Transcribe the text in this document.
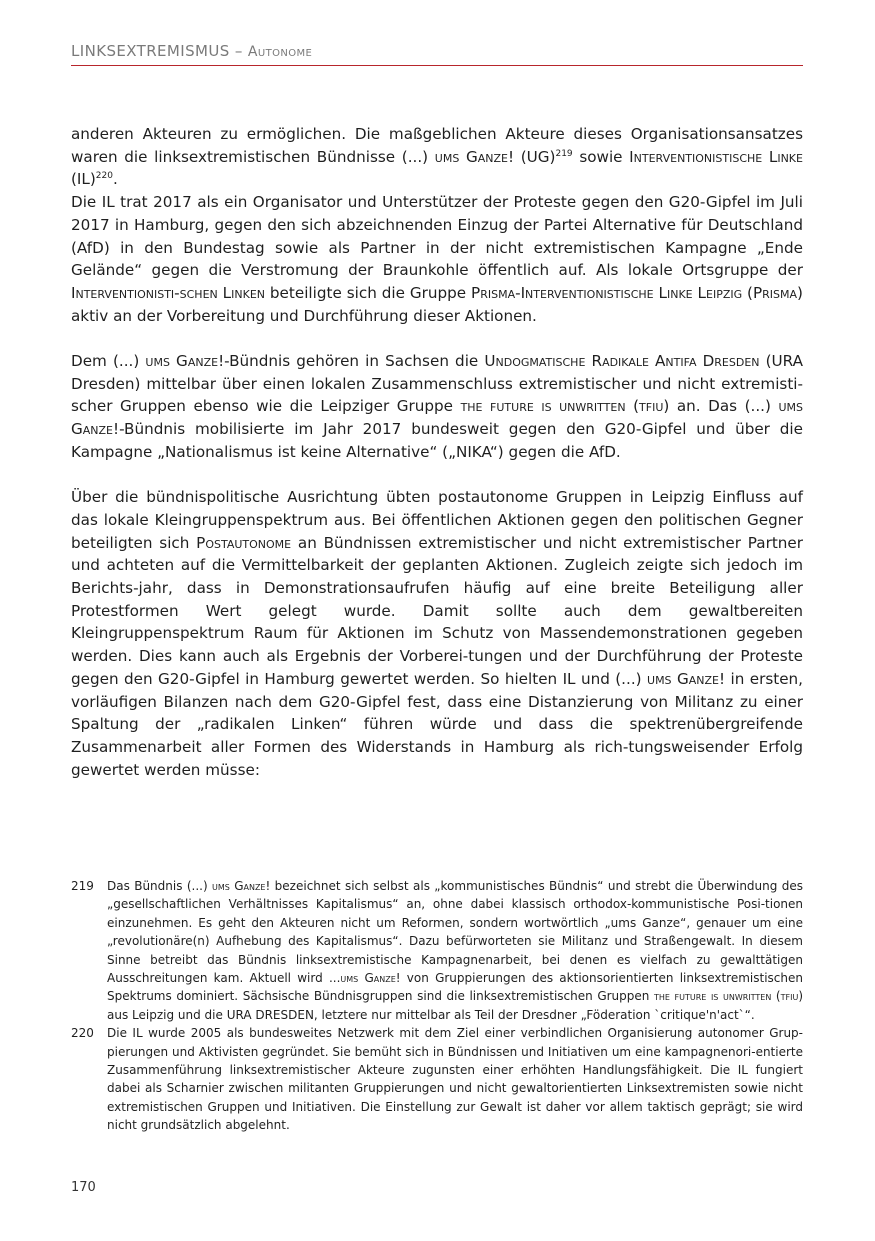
LINKSEXTREMISMUS – Autonome

anderen Akteuren zu ermöglichen. Die maßgeblichen Akteure dieses Organisationsansatzes waren die linksextremistischen Bündnisse (...) ums Ganze! (UG)$^{219}$ sowie Interventionistische Linke (IL)$^{220}$.
Die IL trat 2017 als ein Organisator und Unterstützer der Proteste gegen den G20-Gipfel im Juli 2017 in Hamburg, gegen den sich abzeichnenden Einzug der Partei Alternative für Deutschland (AfD) in den Bundestag sowie als Partner in der nicht extremistischen Kampagne „Ende Gelände“ gegen die Verstromung der Braunkohle öffentlich auf. Als lokale Ortsgruppe der Interventionisti-schen Linken beteiligte sich die Gruppe Prisma-Interventionistische Linke Leipzig (Prisma) aktiv an der Vorbereitung und Durchführung dieser Aktionen.

Dem (...) ums Ganze!-Bündnis gehören in Sachsen die Undogmatische Radikale Antifa Dresden (URA Dresden) mittelbar über einen lokalen Zusammenschluss extremistischer und nicht extremisti-scher Gruppen ebenso wie die Leipziger Gruppe the future is unwritten (tfiu) an. Das (...) ums Ganze!-Bündnis mobilisierte im Jahr 2017 bundesweit gegen den G20-Gipfel und über die Kampagne „Nationalismus ist keine Alternative“ („NIKA“) gegen die AfD.

Über die bündnispolitische Ausrichtung übten postautonome Gruppen in Leipzig Einfluss auf das lokale Kleingruppenspektrum aus. Bei öffentlichen Aktionen gegen den politischen Gegner beteiligten sich Postautonome an Bündnissen extremistischer und nicht extremistischer Partner und achteten auf die Vermittelbarkeit der geplanten Aktionen. Zugleich zeigte sich jedoch im Berichts-jahr, dass in Demonstrationsaufrufen häufig auf eine breite Beteiligung aller Protestformen Wert gelegt wurde. Damit sollte auch dem gewaltbereiten Kleingruppenspektrum Raum für Aktionen im Schutz von Massendemonstrationen gegeben werden. Dies kann auch als Ergebnis der Vorberei-tungen und der Durchführung der Proteste gegen den G20-Gipfel in Hamburg gewertet werden. So hielten IL und (...) ums Ganze! in ersten, vorläufigen Bilanzen nach dem G20-Gipfel fest, dass eine Distanzierung von Militanz zu einer Spaltung der „radikalen Linken“ führen würde und dass die spektrenübergreifende Zusammenarbeit aller Formen des Widerstands in Hamburg als rich-tungsweisender Erfolg gewertet werden müsse:

219	Das Bündnis (...) ums Ganze! bezeichnet sich selbst als „kommunistisches Bündnis“ und strebt die Überwindung des „gesellschaftlichen Verhältnisses Kapitalismus“ an, ohne dabei klassisch orthodox-kommunistische Posi-tionen einzunehmen. Es geht den Akteuren nicht um Reformen, sondern wortwörtlich „ums Ganze“, genauer um eine „revolutionäre(n) Aufhebung des Kapitalismus“. Dazu befürworteten sie Militanz und Straßengewalt. In diesem Sinne betreibt das Bündnis linksextremistische Kampagnenarbeit, bei denen es vielfach zu gewalttätigen Ausschreitungen kam. Aktuell wird ...ums Ganze! von Gruppierungen des aktionsorientierten linksextremistischen Spektrums dominiert. Sächsische Bündnisgruppen sind die linksextremistischen Gruppen the future is unwritten (tfiu) aus Leipzig und die URA DRESDEN, letztere nur mittelbar als Teil der Dresdner „Föderation `critique'n'act`“.
220	Die IL wurde 2005 als bundesweites Netzwerk mit dem Ziel einer verbindlichen Organisierung autonomer Grup-pierungen und Aktivisten gegründet. Sie bemüht sich in Bündnissen und Initiativen um eine kampagnenori-entierte Zusammenführung linksextremistischer Akteure zugunsten einer erhöhten Handlungsfähigkeit. Die IL fungiert dabei als Scharnier zwischen militanten Gruppierungen und nicht gewaltorientierten Linksextremisten sowie nicht extremistischen Gruppen und Initiativen. Die Einstellung zur Gewalt ist daher vor allem taktisch geprägt; sie wird nicht grundsätzlich abgelehnt.
170
